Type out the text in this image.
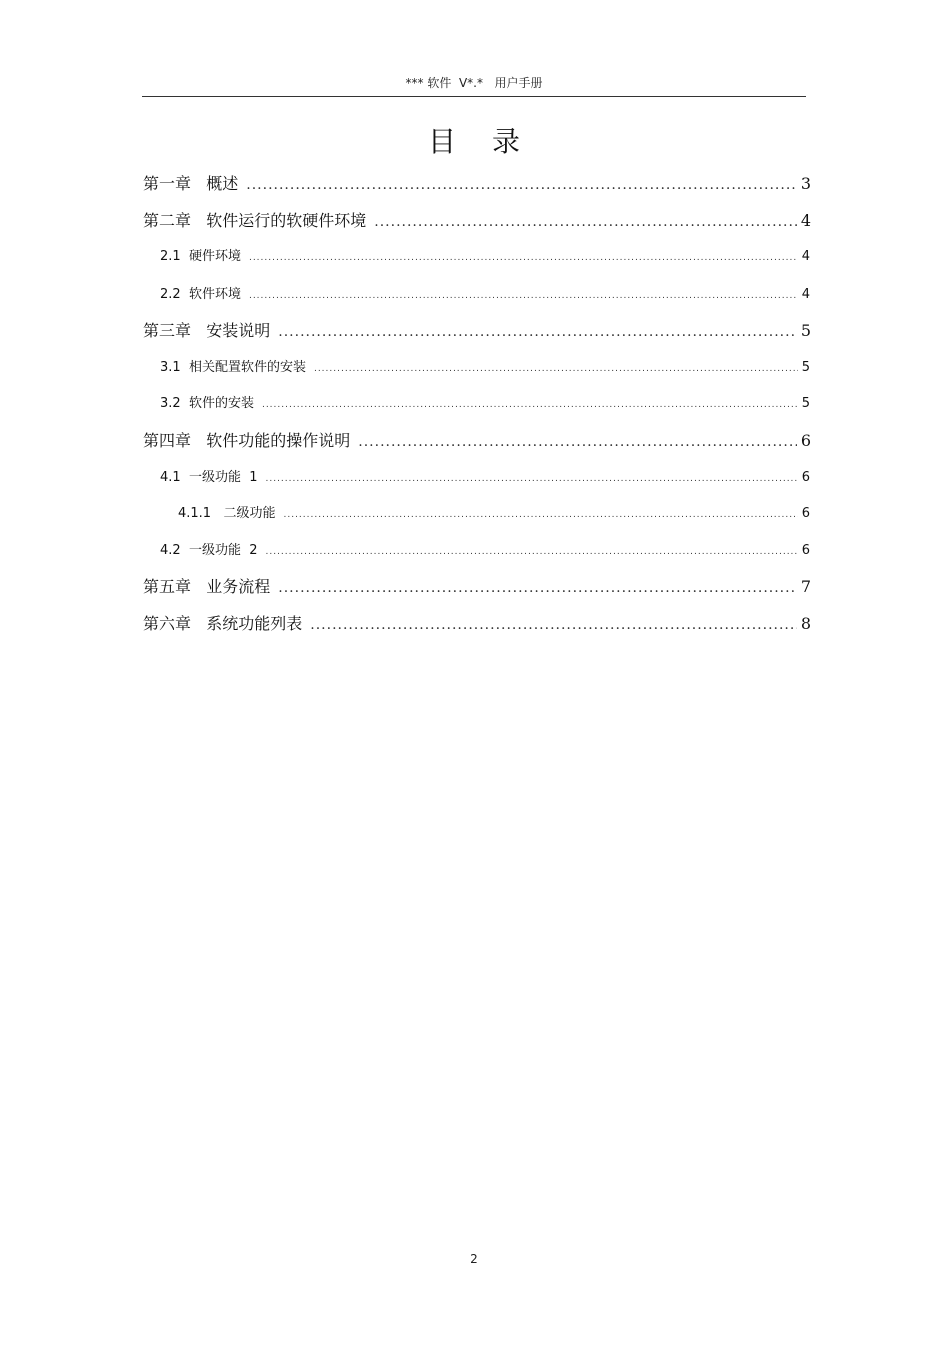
*** 软件  V*.*   用户手册
目录
第一章   概述 .....	3
第二章   软件运行的软硬件环境 .....	4
2.1  硬件环境 .....	4
2.2  软件环境 .....	4
第三章   安装说明 .....	5
3.1  相关配置软件的安装 .....	5
3.2  软件的安装 .....	5
第四章   软件功能的操作说明 .....	6
4.1  一级功能  1 .....	6
4.1.1   二级功能 .....	6
4.2  一级功能  2 .....	6
第五章   业务流程 .....	7
第六章   系统功能列表 .....	8
2
